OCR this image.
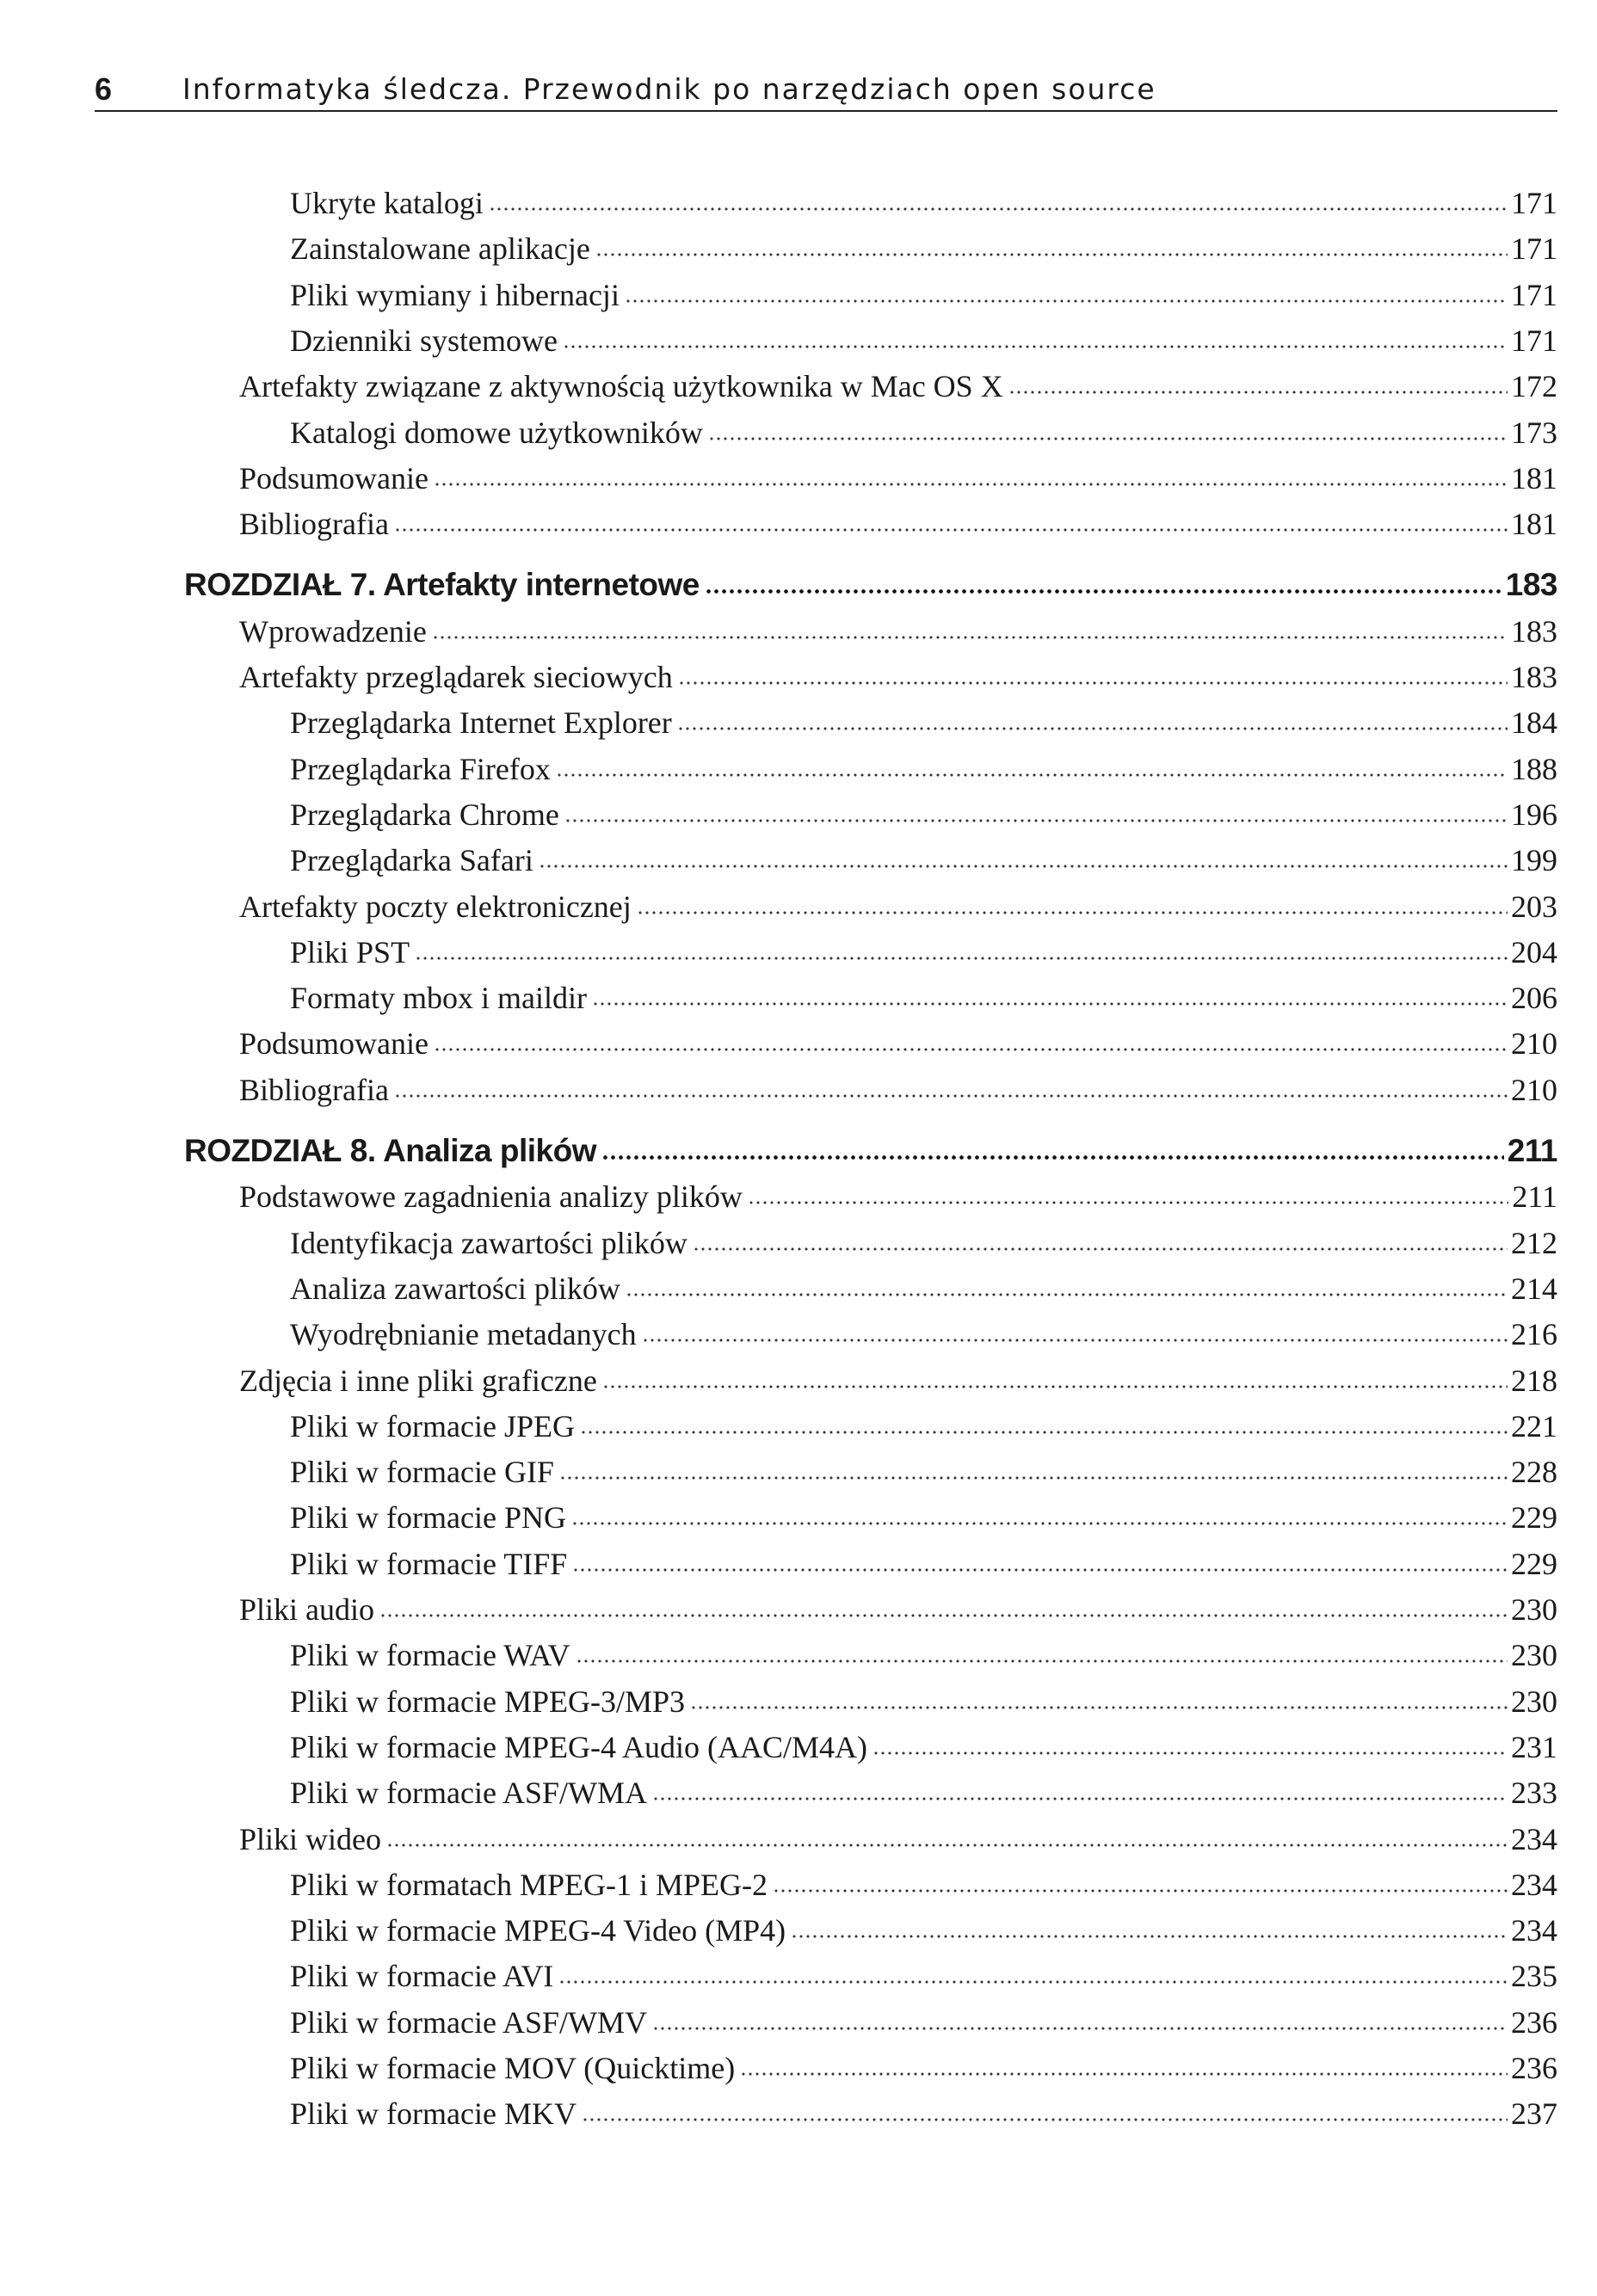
6 Informatyka śledcza. Przewodnik po narzędziach open source
Ukryte katalogi	171
Zainstalowane aplikacje	171
Pliki wymiany i hibernacji	171
Dzienniki systemowe	171
Artefakty związane z aktywnością użytkownika w Mac OS X	172
Katalogi domowe użytkowników	173
Podsumowanie	181
Bibliografia	181
ROZDZIAŁ 7. Artefakty internetowe	183
Wprowadzenie	183
Artefakty przeglądarek sieciowych	183
Przeglądarka Internet Explorer	184
Przeglądarka Firefox	188
Przeglądarka Chrome	196
Przeglądarka Safari	199
Artefakty poczty elektronicznej	203
Pliki PST	204
Formaty mbox i maildir	206
Podsumowanie	210
Bibliografia	210
ROZDZIAŁ 8. Analiza plików	211
Podstawowe zagadnienia analizy plików	211
Identyfikacja zawartości plików	212
Analiza zawartości plików	214
Wyodrębnianie metadanych	216
Zdjęcia i inne pliki graficzne	218
Pliki w formacie JPEG	221
Pliki w formacie GIF	228
Pliki w formacie PNG	229
Pliki w formacie TIFF	229
Pliki audio	230
Pliki w formacie WAV	230
Pliki w formacie MPEG-3/MP3	230
Pliki w formacie MPEG-4 Audio (AAC/M4A)	231
Pliki w formacie ASF/WMA	233
Pliki wideo	234
Pliki w formatach MPEG-1 i MPEG-2	234
Pliki w formacie MPEG-4 Video (MP4)	234
Pliki w formacie AVI	235
Pliki w formacie ASF/WMV	236
Pliki w formacie MOV (Quicktime)	236
Pliki w formacie MKV	237
